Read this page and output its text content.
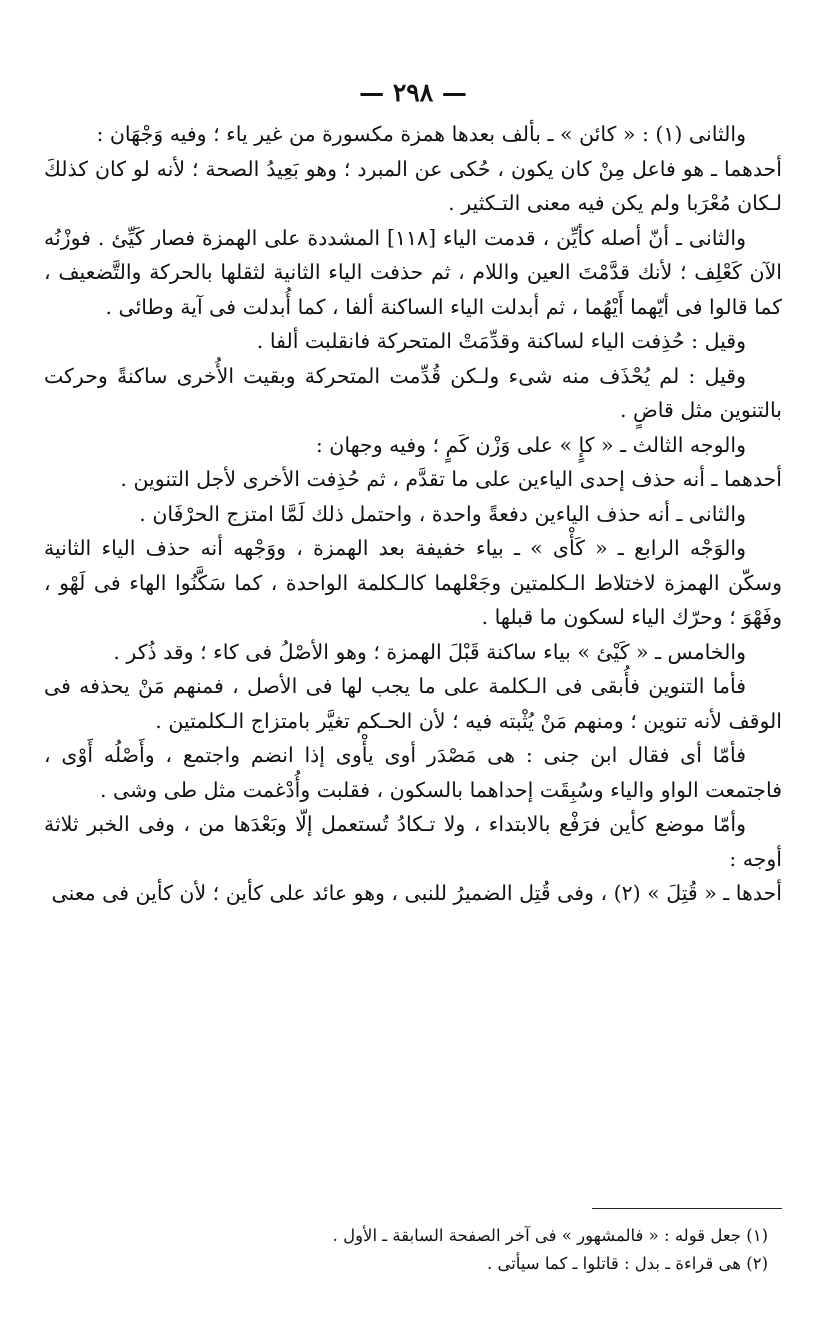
— ٢٩٨ —

والثانى (١) : « كائن » ـ بألف بعدها همزة مكسورة من غير ياء ؛ وفيه وَجْهَان :

أحدهما ـ هو فاعل مِنْ كان يكون ، حُكى عن المبرد ؛ وهو بَعِيدُ الصحة ؛ لأنه لو كان كذلكَ لـكان مُعْرَبا ولم يكن فيه معنى التـكثير .

والثانى ـ أنّ أصله كأيِّن ، قدمت الياء [١١٨] المشددة على الهمزة فصار كَيِّئ . فوزْنُه الآن كَعْلِف ؛ لأنك قدَّمْتَ العين واللام ، ثم حذفت الياء الثانية لثقلها بالحركة والتَّضعيف ، كما قالوا فى أيّهما أَيْهُما ، ثم أبدلت الياء الساكنة ألفا ، كما أُبدلت فى آية وطائى .

وقيل : حُذِفت الياء لساكنة وقدِّمَتْ المتحركة فانقلبت ألفا .

وقيل : لم يُحْذَف منه شىء ولـكن قُدِّمت المتحركة وبقيت الأُخرى ساكنةً وحركت بالتنوين مثل قاضٍ .

والوجه الثالث ـ « كإٍ » على وَزْن كَمٍ ؛ وفيه وجهان :

أحدهما ـ أنه حذف إحدى الياءين على ما تقدَّم ، ثم حُذِفت الأخرى لأجل التنوين .

والثانى ـ أنه حذف الياءين دفعةً واحدة ، واحتمل ذلك لَمَّا امتزج الحرْفَان .

والوَجْه الرابع ـ « كَأْى » ـ بياء خفيفة بعد الهمزة ، ووَجْهه أنه حذف الياء الثانية وسكّن الهمزة لاختلاط الـكلمتين وجَعْلهما كالـكلمة الواحدة ، كما سَكَّنُوا الهاء فى لَهْو ، وفَهْوَ ؛ وحرّك الياء لسكون ما قبلها .

والخامس ـ « كَيْئ » بياء ساكنة قَبْلَ الهمزة ؛ وهو الأصْلُ فى كاء ؛ وقد ذُكر .

فأما التنوين فأُبقى فى الـكلمة على ما يجب لها فى الأصل ، فمنهم مَنْ يحذفه فى الوقف لأنه تنوين ؛ ومنهم مَنْ يُثْبته فيه ؛ لأن الحـكم تغيَّر بامتزاج الـكلمتين .

فأمّا أى فقال ابن جنى : هى مَصْدَر أوى يأْوى إذا انضم واجتمع ، وأَصْلُه أَوْى ، فاجتمعت الواو والياء وسُبِقَت إحداهما بالسكون ، فقلبت وأُدْغمت مثل طى وشى .

وأمّا موضع كأين فرَفْع بالابتداء ، ولا تـكادُ تُستعمل إلّا وبَعْدَها من ، وفى الخبر ثلاثة أوجه :

أحدها ـ « قُتِلَ » (٢) ، وفى قُتِل الضميرُ للنبى ، وهو عائد على كأين ؛ لأن كأين فى معنى

(١) جعل قوله : « فالمشهور » فى آخر الصفحة السابقة ـ الأول .

(٢) هى قراءة ـ بدل : قاتلوا ـ كما سيأتى .
